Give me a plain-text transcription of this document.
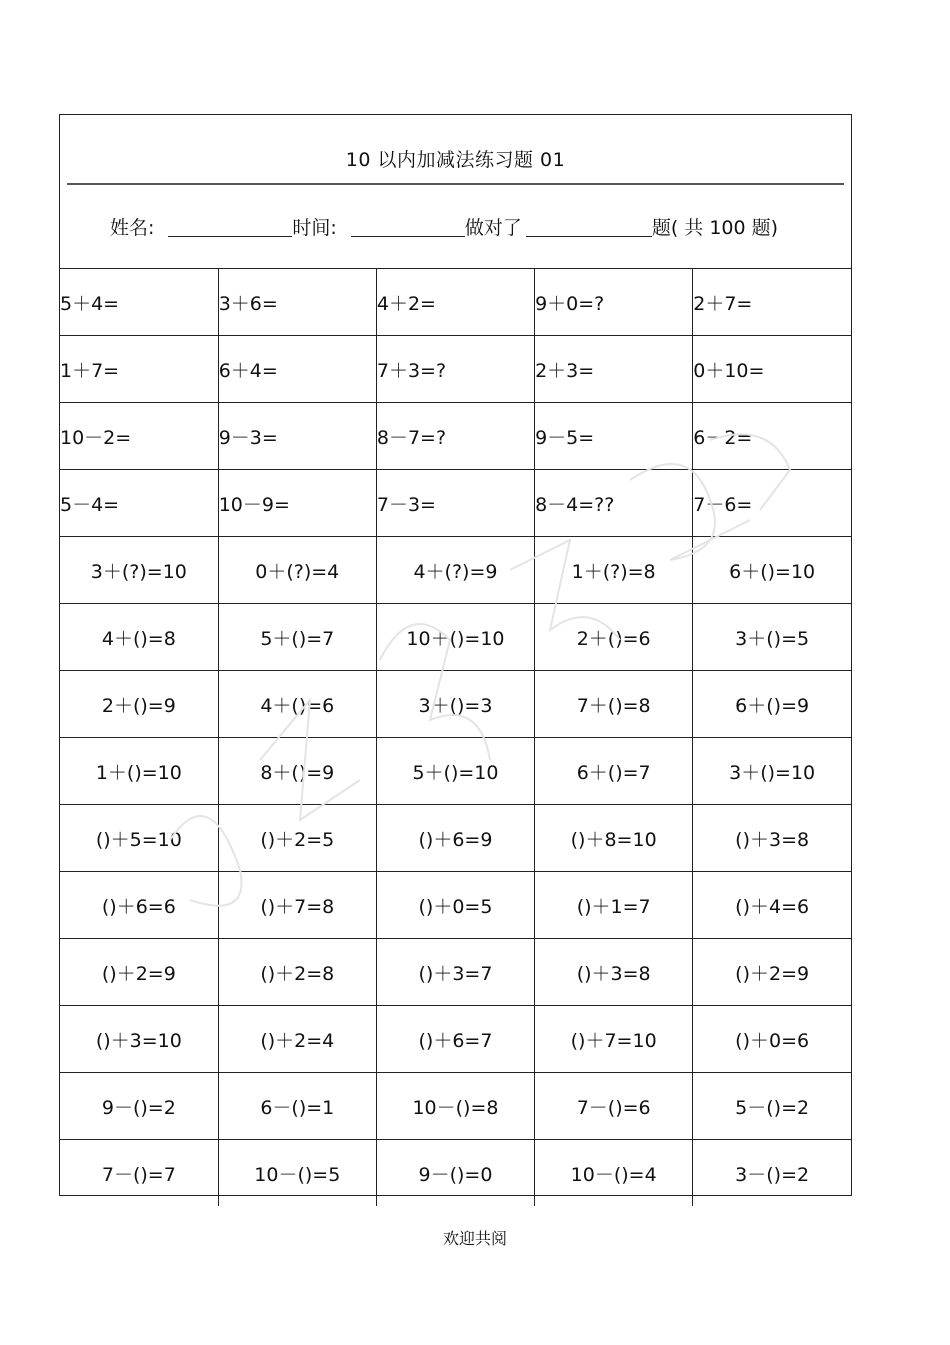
10 以内加减法练习题 01
姓名:	时间:	做对了	题( 共 100 题)
5＋4=	3＋6=	4＋2=	9＋0=?	2＋7=
1＋7=	6＋4=	7＋3=?	2＋3=	0＋10=
10－2=	9－3=	8－7=?	9－5=	6－2=
5－4=	10－9=	7－3=	8－4=??	7－6=
3＋(?)=10	0＋(?)=4	4＋(?)=9	1＋(?)=8	6＋()=10
4＋()=8	5＋()=7	10＋()=10	2＋()=6	3＋()=5
2＋()=9	4＋()=6	3＋()=3	7＋()=8	6＋()=9
1＋()=10	8＋()=9	5＋()=10	6＋()=7	3＋()=10
()＋5=10	()＋2=5	()＋6=9	()＋8=10	()＋3=8
()＋6=6	()＋7=8	()＋0=5	()＋1=7	()＋4=6
()＋2=9	()＋2=8	()＋3=7	()＋3=8	()＋2=9
()＋3=10	()＋2=4	()＋6=7	()＋7=10	()＋0=6
9－()=2	6－()=1	10－()=8	7－()=6	5－()=2
7－()=7	10－()=5	9－()=0	10－()=4	3－()=2
欢迎共阅
